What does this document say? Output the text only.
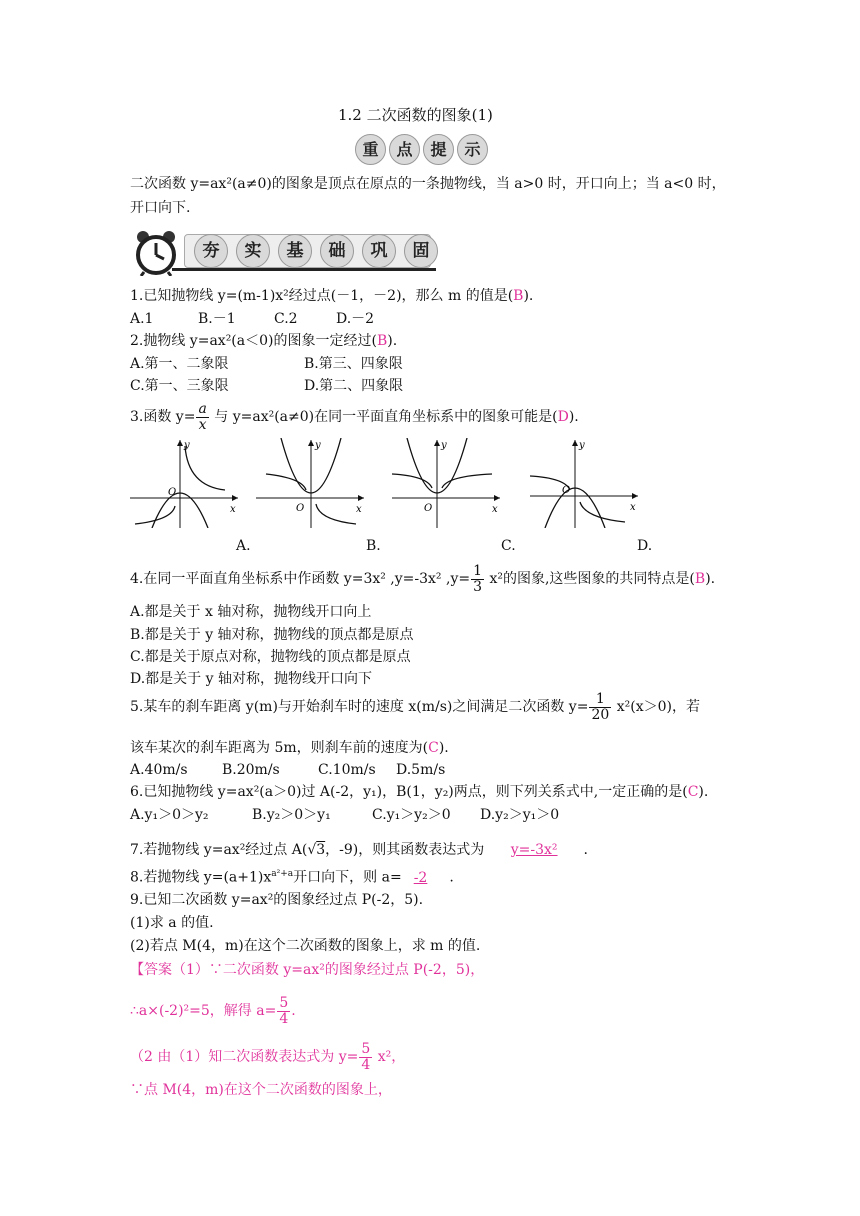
1.2 二次函数的图象(1)
重 点 提 示
二次函数 y=ax²(a≠0)的图象是顶点在原点的一条抛物线，当 a>0 时，开口向上；当 a<0 时，
开口向下.
夯 实 基 础 巩 固
1.已知抛物线 y=(m-1)x²经过点(－1，－2)，那么 m 的值是(B).
A.1	B.－1	C.2	D.－2
2.抛物线 y=ax²(a＜0)的图象一定经过(B).
A.第一、二象限	B.第三、四象限
C.第一、三象限	D.第二、四象限
3.函数 $y= \frac{a}{x}$ 与 y=ax²(a≠0)在同一平面直角坐标系中的图象可能是(D).
O
y
x	O
y
x	O
y
x
O
y
x
A.	B.	C.	D.
4.在同一平面直角坐标系中作函数 y=3x² ,y=-3x² $,y= \frac{1}{3} x^2$的图象,这些图象的共同特点是(B).
A.都是关于 x 轴对称，抛物线开口向上
B.都是关于 y 轴对称，抛物线的顶点都是原点
C.都是关于原点对称，抛物线的顶点都是原点
D.都是关于 y 轴对称，抛物线开口向下
5.某车的刹车距离 y(m)与开始刹车时的速度 x(m/s)之间满足二次函数 $y= \frac{1}{20} x^2(x>0)$，若
该车某次的刹车距离为 5m，则刹车前的速度为(C).
A.40m/s B.20m/s	C.10m/s D.5m/s
6.已知抛物线 y=ax²(a＞0)过 A(-2，y₁)，B(1，y₂)两点，则下列关系式中,一定正确的是(C).
A.y₁＞0＞y₂	B.y₂＞0＞y₁	C.y₁＞y₂＞0 D.y₂＞y₁＞0
7.若抛物线 y=ax²经过点 A(√3，-9)，则其函数表达式为 y=-3x² .
8.若抛物线 $y=(a+1)x^{a^2+a}$开口向下，则 a= -2 .
9.已知二次函数 y=ax²的图象经过点 P(-2，5).
(1)求 a 的值.
(2)若点 M(4，m)在这个二次函数的图象上，求 m 的值.
【答案（1）∵二次函数 y=ax²的图象经过点 P(-2，5)，
∴a×(-2)²=5，解得 $a= \frac{5}{4}$ .
（2 由（1）知二次函数表达式为 $y= \frac{5}{4} x^2$，
∵点 M(4，m)在这个二次函数的图象上，
